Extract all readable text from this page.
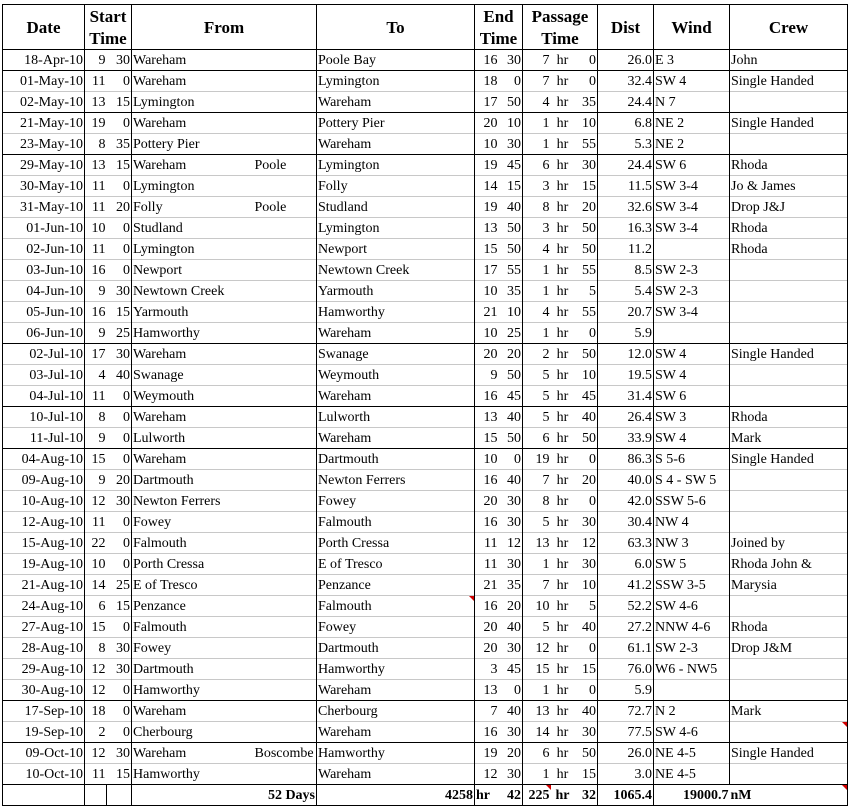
Date	Start		From		To	End		Passage			Dist	Wind	Crew
	Time					Time		Time					
18-Apr-10	9	30	Wareham		Poole Bay	16	30	7	hr	0	26.0	E 3	John
01-May-10	11	0	Wareham		Lymington	18	0	7	hr	0	32.4	SW 4	Single Handed
02-May-10	13	15	Lymington		Wareham	17	50	4	hr	35	24.4	N 7	
21-May-10	19	0	Wareham		Pottery Pier	20	10	1	hr	10	6.8	NE 2	Single Handed
23-May-10	8	35	Pottery Pier		Wareham	10	30	1	hr	55	5.3	NE 2	
29-May-10	13	15	Wareham	Poole	Lymington	19	45	6	hr	30	24.4	SW 6	Rhoda
30-May-10	11	0	Lymington		Folly	14	15	3	hr	15	11.5	SW 3-4	Jo & James
31-May-10	11	20	Folly	Poole	Studland	19	40	8	hr	20	32.6	SW 3-4	Drop J&J
01-Jun-10	10	0	Studland		Lymington	13	50	3	hr	50	16.3	SW 3-4	Rhoda
02-Jun-10	11	0	Lymington		Newport	15	50	4	hr	50	11.2		Rhoda
03-Jun-10	16	0	Newport		Newtown Creek	17	55	1	hr	55	8.5	SW 2-3	
04-Jun-10	9	30	Newtown Creek		Yarmouth	10	35	1	hr	5	5.4	SW 2-3	
05-Jun-10	16	15	Yarmouth		Hamworthy	21	10	4	hr	55	20.7	SW 3-4	
06-Jun-10	9	25	Hamworthy		Wareham	10	25	1	hr	0	5.9		
02-Jul-10	17	30	Wareham		Swanage	20	20	2	hr	50	12.0	SW 4	Single Handed
03-Jul-10	4	40	Swanage		Weymouth	9	50	5	hr	10	19.5	SW 4	
04-Jul-10	11	0	Weymouth		Wareham	16	45	5	hr	45	31.4	SW 6	
10-Jul-10	8	0	Wareham		Lulworth	13	40	5	hr	40	26.4	SW 3	Rhoda
11-Jul-10	9	0	Lulworth		Wareham	15	50	6	hr	50	33.9	SW 4	Mark
04-Aug-10	15	0	Wareham		Dartmouth	10	0	19	hr	0	86.3	S 5-6	Single Handed
09-Aug-10	9	20	Dartmouth		Newton Ferrers	16	40	7	hr	20	40.0	S 4 - SW 5	
10-Aug-10	12	30	Newton Ferrers		Fowey	20	30	8	hr	0	42.0	SSW 5-6	
12-Aug-10	11	0	Fowey		Falmouth	16	30	5	hr	30	30.4	NW 4	
15-Aug-10	22	0	Falmouth		Porth Cressa	11	12	13	hr	12	63.3	NW 3	Joined by
19-Aug-10	10	0	Porth Cressa		E of Tresco	11	30	1	hr	30	6.0	SW 5	Rhoda John &
21-Aug-10	14	25	E of Tresco		Penzance	21	35	7	hr	10	41.2	SSW 3-5	Marysia
24-Aug-10	6	15	Penzance		Falmouth	16	20	10	hr	5	52.2	SW 4-6	
27-Aug-10	15	0	Falmouth		Fowey	20	40	5	hr	40	27.2	NNW 4-6	Rhoda
28-Aug-10	8	30	Fowey		Dartmouth	20	30	12	hr	0	61.1	SW 2-3	Drop J&M
29-Aug-10	12	30	Dartmouth		Hamworthy	3	45	15	hr	15	76.0	W6 - NW5	
30-Aug-10	12	0	Hamworthy		Wareham	13	0	1	hr	0	5.9		
17-Sep-10	18	0	Wareham		Cherbourg	7	40	13	hr	40	72.7	N 2	Mark
19-Sep-10	2	0	Cherbourg		Wareham	16	30	14	hr	30	77.5	SW 4-6	
09-Oct-10	12	30	Wareham	Boscombe	Hamworthy	19	20	6	hr	50	26.0	NE 4-5	Single Handed
10-Oct-10	11	15	Hamworthy		Wareham	12	30	1	hr	15	3.0	NE 4-5	
			52 Days		4258	hr	42	225	hr	32	1065.4	19000.7	nM
